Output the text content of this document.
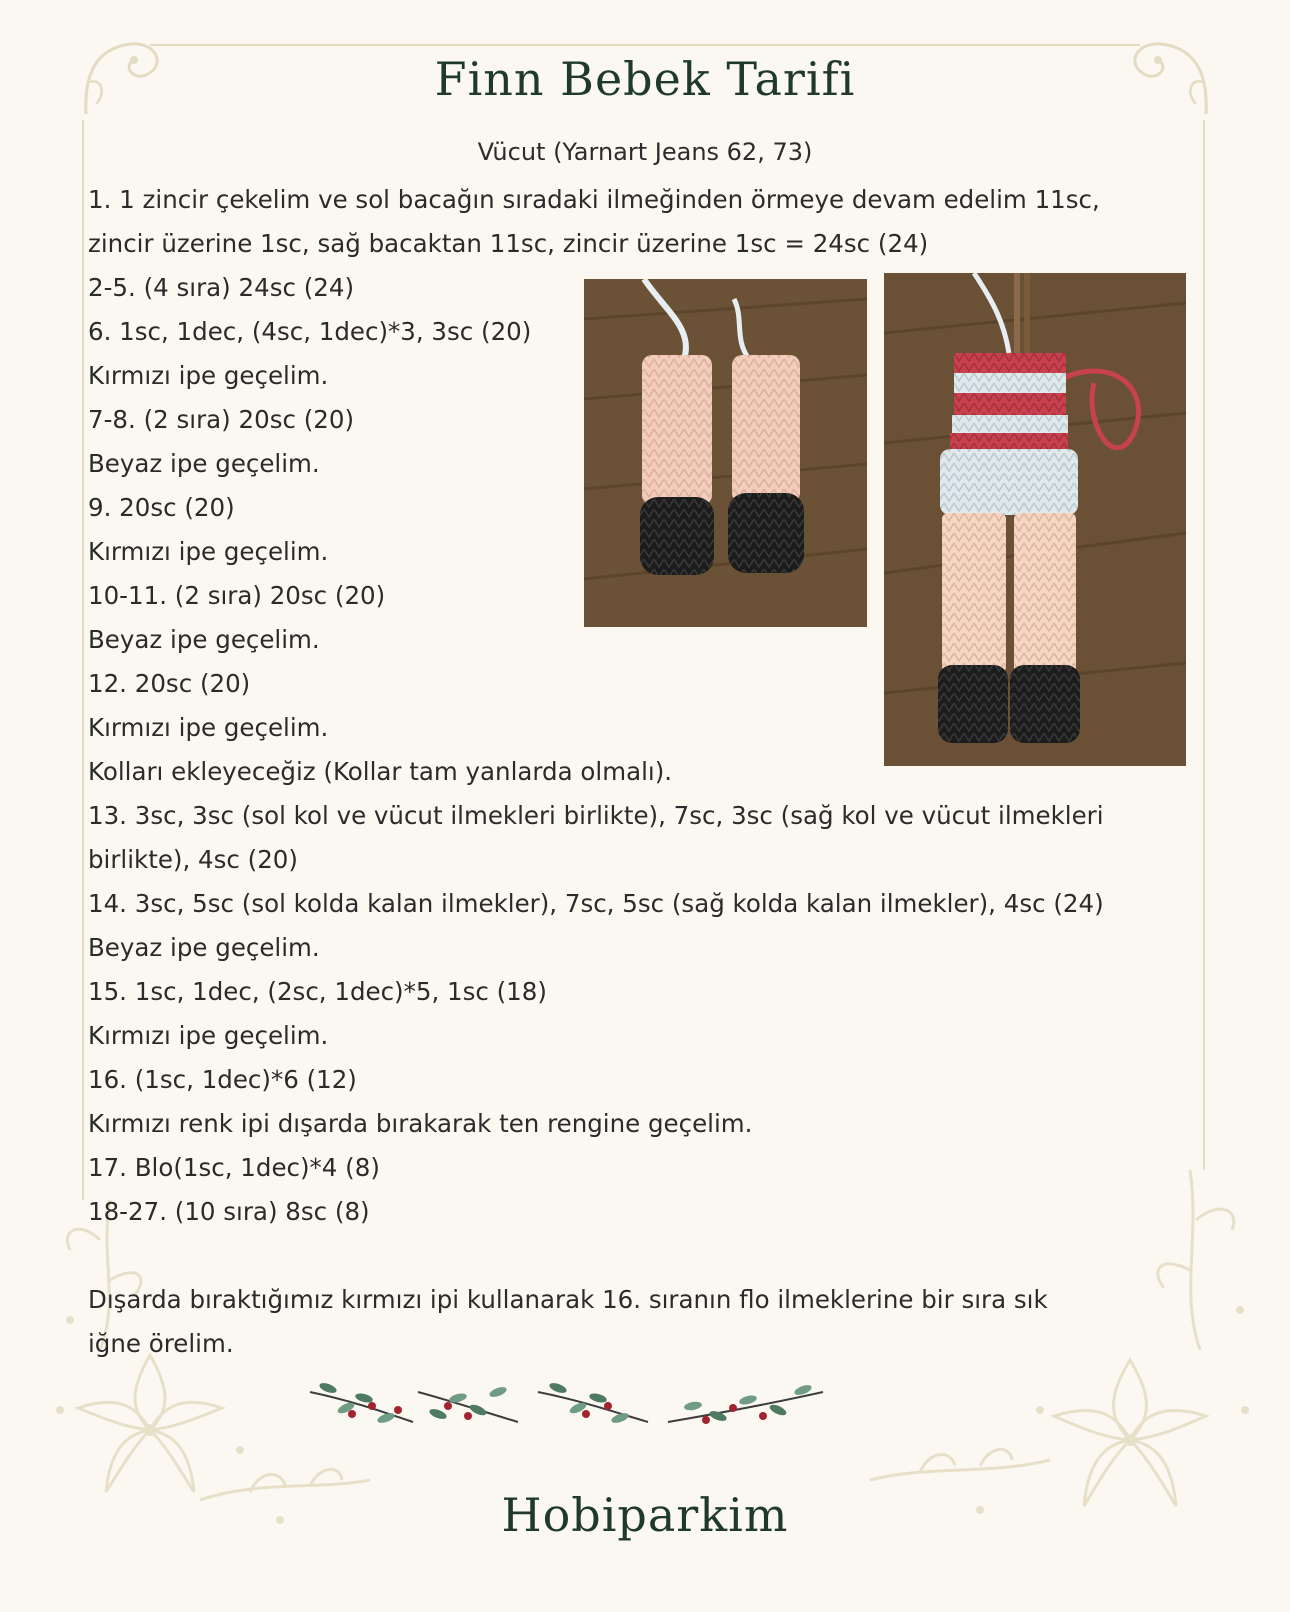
Finn Bebek Tarifi
Vücut (Yarnart Jeans 62, 73)
1. 1 zincir çekelim ve sol bacağın sıradaki ilmeğinden örmeye devam edelim 11sc,
zincir üzerine 1sc, sağ bacaktan 11sc, zincir üzerine 1sc = 24sc (24)
2-5. (4 sıra) 24sc (24)
6. 1sc, 1dec, (4sc, 1dec)*3, 3sc (20)
Kırmızı ipe geçelim.
7-8. (2 sıra) 20sc (20)
Beyaz ipe geçelim.
9. 20sc (20)
Kırmızı ipe geçelim.
10-11. (2 sıra) 20sc (20)
Beyaz ipe geçelim.
12. 20sc (20)
Kırmızı ipe geçelim.
Kolları ekleyeceğiz (Kollar tam yanlarda olmalı).
13. 3sc, 3sc (sol kol ve vücut ilmekleri birlikte), 7sc, 3sc (sağ kol ve vücut ilmekleri
birlikte), 4sc (20)
14. 3sc, 5sc (sol kolda kalan ilmekler), 7sc, 5sc (sağ kolda kalan ilmekler), 4sc (24)
Beyaz ipe geçelim.
15. 1sc, 1dec, (2sc, 1dec)*5, 1sc (18)
Kırmızı ipe geçelim.
16. (1sc, 1dec)*6 (12)
Kırmızı renk ipi dışarda bırakarak ten rengine geçelim.
17. Blo(1sc, 1dec)*4 (8)
18-27. (10 sıra) 8sc (8)
Dışarda bıraktığımız kırmızı ipi kullanarak 16. sıranın flo ilmeklerine bir sıra sık
iğne örelim.
Hobiparkim
